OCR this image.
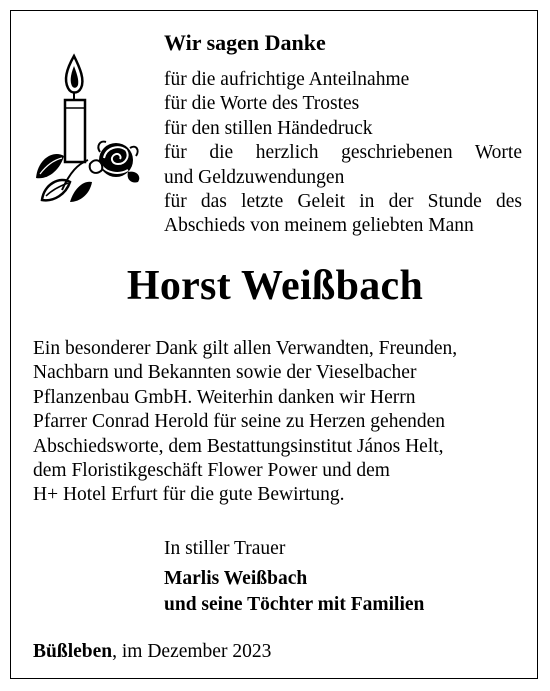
Wir sagen Danke
für die aufrichtige Anteilnahme
für die Worte des Trostes
für den stillen Händedruck
für die herzlich geschriebenen Worte
und Geldzuwendungen
für das letzte Geleit in der Stunde des
Abschieds von meinem geliebten Mann
Horst Weißbach
Ein besonderer Dank gilt allen Verwandten, Freunden,
Nachbarn und Bekannten sowie der Vieselbacher
Pflanzenbau GmbH. Weiterhin danken wir Herrn
Pfarrer Conrad Herold für seine zu Herzen gehenden
Abschiedsworte, dem Bestattungsinstitut János Helt,
dem Floristikgeschäft Flower Power und dem
H+ Hotel Erfurt für die gute Bewirtung.
In stiller Trauer
Marlis Weißbach
und seine Töchter mit Familien
Büßleben, im Dezember 2023
